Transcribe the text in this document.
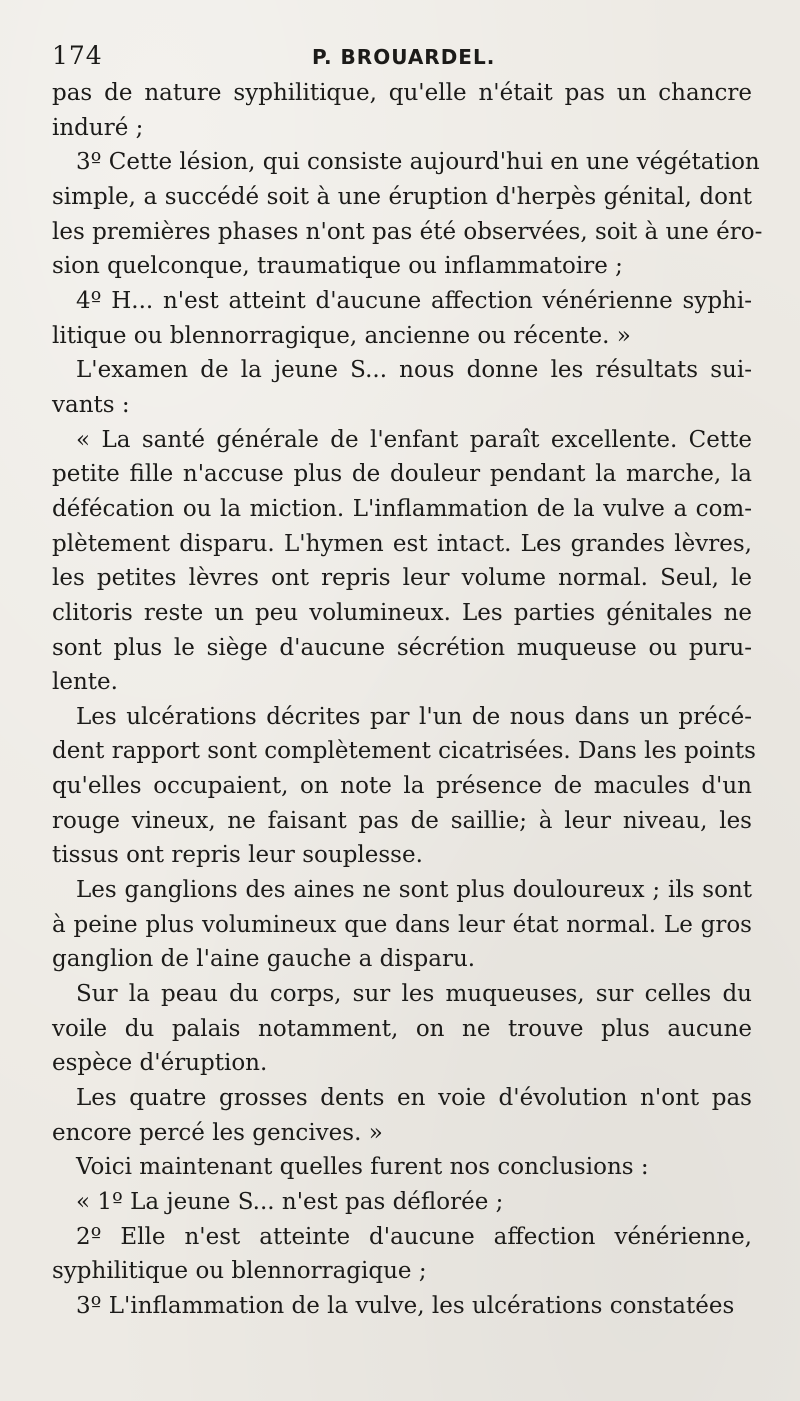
174	P. BROUARDEL.

pas de nature syphilitique, qu'elle n'était pas un chancre
induré ;

3º Cette lésion, qui consiste aujourd'hui en une végétation
simple, a succédé soit à une éruption d'herpès génital, dont
les premières phases n'ont pas été observées, soit à une éro-
sion quelconque, traumatique ou inflammatoire ;

4º H... n'est atteint d'aucune affection vénérienne syphi-
litique ou blennorragique, ancienne ou récente. »

L'examen de la jeune S... nous donne les résultats sui-
vants :

« La santé générale de l'enfant paraît excellente. Cette
petite fille n'accuse plus de douleur pendant la marche, la
défécation ou la miction. L'inflammation de la vulve a com-
plètement disparu. L'hymen est intact. Les grandes lèvres,
les petites lèvres ont repris leur volume normal. Seul, le
clitoris reste un peu volumineux. Les parties génitales ne
sont plus le siège d'aucune sécrétion muqueuse ou puru-
lente.

Les ulcérations décrites par l'un de nous dans un précé-
dent rapport sont complètement cicatrisées. Dans les points
qu'elles occupaient, on note la présence de macules d'un
rouge vineux, ne faisant pas de saillie; à leur niveau, les
tissus ont repris leur souplesse.

Les ganglions des aines ne sont plus douloureux ; ils sont
à peine plus volumineux que dans leur état normal. Le gros
ganglion de l'aine gauche a disparu.

Sur la peau du corps, sur les muqueuses, sur celles du
voile du palais notamment, on ne trouve plus aucune
espèce d'éruption.

Les quatre grosses dents en voie d'évolution n'ont pas
encore percé les gencives. »

Voici maintenant quelles furent nos conclusions :

« 1º La jeune S... n'est pas déflorée ;

2º Elle n'est atteinte d'aucune affection vénérienne,
syphilitique ou blennorragique ;

3º L'inflammation de la vulve, les ulcérations constatées
